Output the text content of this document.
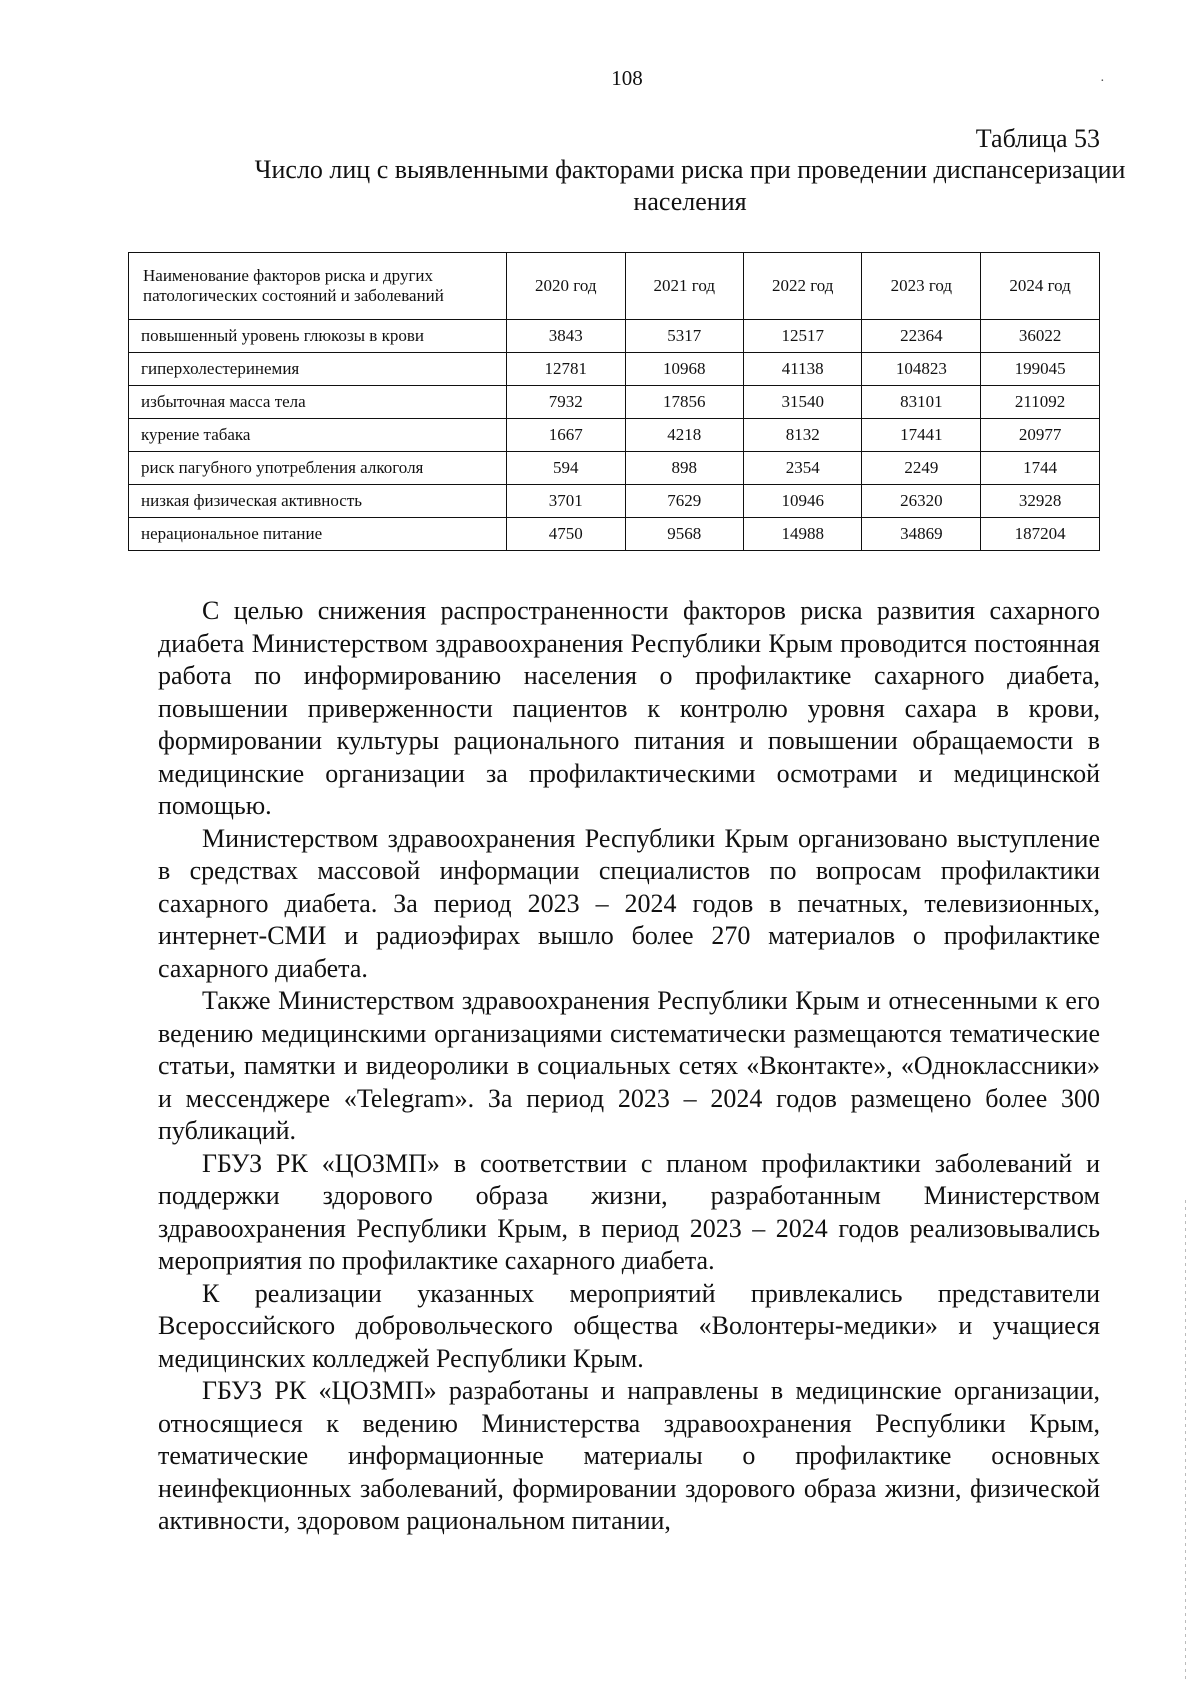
108	·
Таблица 53
Число лиц с выявленными факторами риска при проведении диспансеризации населения
Наименование факторов риска и других патологических состояний и заболеваний	2020 год	2021 год	2022 год	2023 год	2024 год
повышенный уровень глюкозы в крови	3843	5317	12517	22364	36022
гиперхолестеринемия	12781	10968	41138	104823	199045
избыточная масса тела	7932	17856	31540	83101	211092
курение табака	1667	4218	8132	17441	20977
риск пагубного употребления алкоголя	594	898	2354	2249	1744
низкая физическая активность	3701	7629	10946	26320	32928
нерациональное питание	4750	9568	14988	34869	187204

С целью снижения распространенности факторов риска развития сахарного диабета Министерством здравоохранения Республики Крым проводится постоянная работа по информированию населения о профилактике сахарного диабета, повышении приверженности пациентов к контролю уровня сахара в крови, формировании культуры рационального питания и повышении обращаемости в медицинские организации за профилактическими осмотрами и медицинской помощью.

Министерством здравоохранения Республики Крым организовано выступление в средствах массовой информации специалистов по вопросам профилактики сахарного диабета. За период 2023 – 2024 годов в печатных, телевизионных, интернет-СМИ и радиоэфирах вышло более 270 материалов о профилактике сахарного диабета.

Также Министерством здравоохранения Республики Крым и отнесенными к его ведению медицинскими организациями систематически размещаются тематические статьи, памятки и видеоролики в социальных сетях «Вконтакте», «Одноклассники» и мессенджере «Telegram». За период 2023 – 2024 годов размещено более 300 публикаций.

ГБУЗ РК «ЦОЗМП» в соответствии с планом профилактики заболеваний и поддержки здорового образа жизни, разработанным Министерством здравоохранения Республики Крым, в период 2023 – 2024 годов реализовывались мероприятия по профилактике сахарного диабета.

К реализации указанных мероприятий привлекались представители Всероссийского добровольческого общества «Волонтеры-медики» и учащиеся медицинских колледжей Республики Крым.

ГБУЗ РК «ЦОЗМП» разработаны и направлены в медицинские организации, относящиеся к ведению Министерства здравоохранения Республики Крым, тематические информационные материалы о профилактике основных неинфекционных заболеваний, формировании здорового образа жизни, физической активности, здоровом рациональном питании,
